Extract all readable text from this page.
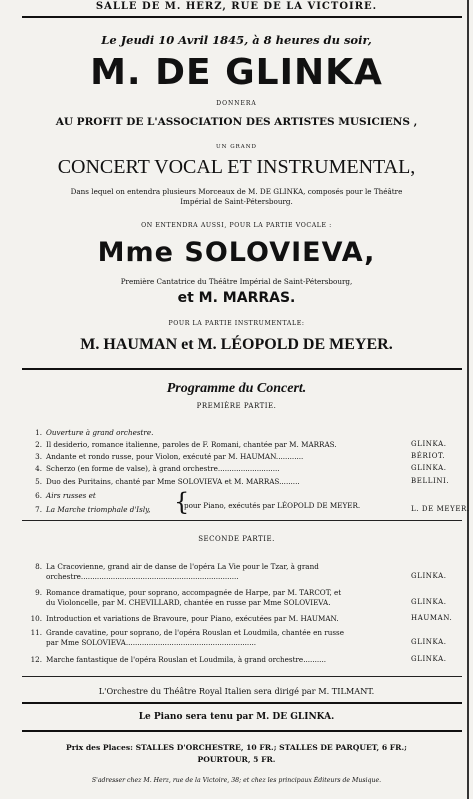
SALLE DE M. HERZ, RUE DE LA VICTOIRE.
Le Jeudi 10 Avril 1845, à 8 heures du soir,
M. DE GLINKA
DONNERA
AU PROFIT DE L'ASSOCIATION DES ARTISTES MUSICIENS ,
UN GRAND
CONCERT VOCAL ET INSTRUMENTAL,
Dans lequel on entendra plusieurs Morceaux de M. DE GLINKA, composés pour le Théâtre
Impérial de Saint-Pétersbourg.
ON ENTENDRA AUSSI, POUR LA PARTIE VOCALE :
Mme SOLOVIEVA,
Première Cantatrice du Théâtre Impérial de Saint-Pétersbourg,
et M. MARRAS.
POUR LA PARTIE INSTRUMENTALE:
M. HAUMAN et M. LÉOPOLD DE MEYER.
Programme du Concert.
PREMIÈRE PARTIE.
1. Ouverture à grand orchestre.
2. Il desiderio, romance italienne, paroles de F. Romani, chantée par M. MARRAS.	GLINKA.
3. Andante et rondo russe, pour Violon, exécuté par M. HAUMAN............	BÉRIOT.
4. Scherzo (en forme de valse), à grand orchestre...........................	GLINKA.
5. Duo des Puritains, chanté par Mme SOLOVIEVA et M. MARRAS.........	BELLINI.
6. Airs russes et
7. La Marche triomphale d'Isly,	L. DE MEYER.
{
pour Piano, exécutés par LÉOPOLD DE MEYER.
SECONDE PARTIE.
8. La Cracovienne, grand air de danse de l'opéra La Vie pour le Tzar, à grand
orchestre.....................................................................	GLINKA.
9. Romance dramatique, pour soprano, accompagnée de Harpe, par M. TARCOT, et
du Violoncelle, par M. CHEVILLARD, chantée en russe par Mme SOLOVIEVA.	GLINKA.
10. Introduction et variations de Bravoure, pour Piano, exécutées par M. HAUMAN.	HAUMAN.
11. Grande cavatine, pour soprano, de l'opéra Rouslan et Loudmila, chantée en russe
par Mme SOLOVIEVA.........................................................	GLINKA.
12. Marche fantastique de l'opéra Rouslan et Loudmila, à grand orchestre..........	GLINKA.
L'Orchestre du Théâtre Royal Italien sera dirigé par M. TILMANT.
Le Piano sera tenu par M. DE GLINKA.
Prix des Places: STALLES D'ORCHESTRE, 10 FR.; STALLES DE PARQUET, 6 FR.;
POURTOUR, 5 FR.
S'adresser chez M. Herz, rue de la Victoire, 38; et chez les principaux Éditeurs de Musique.
